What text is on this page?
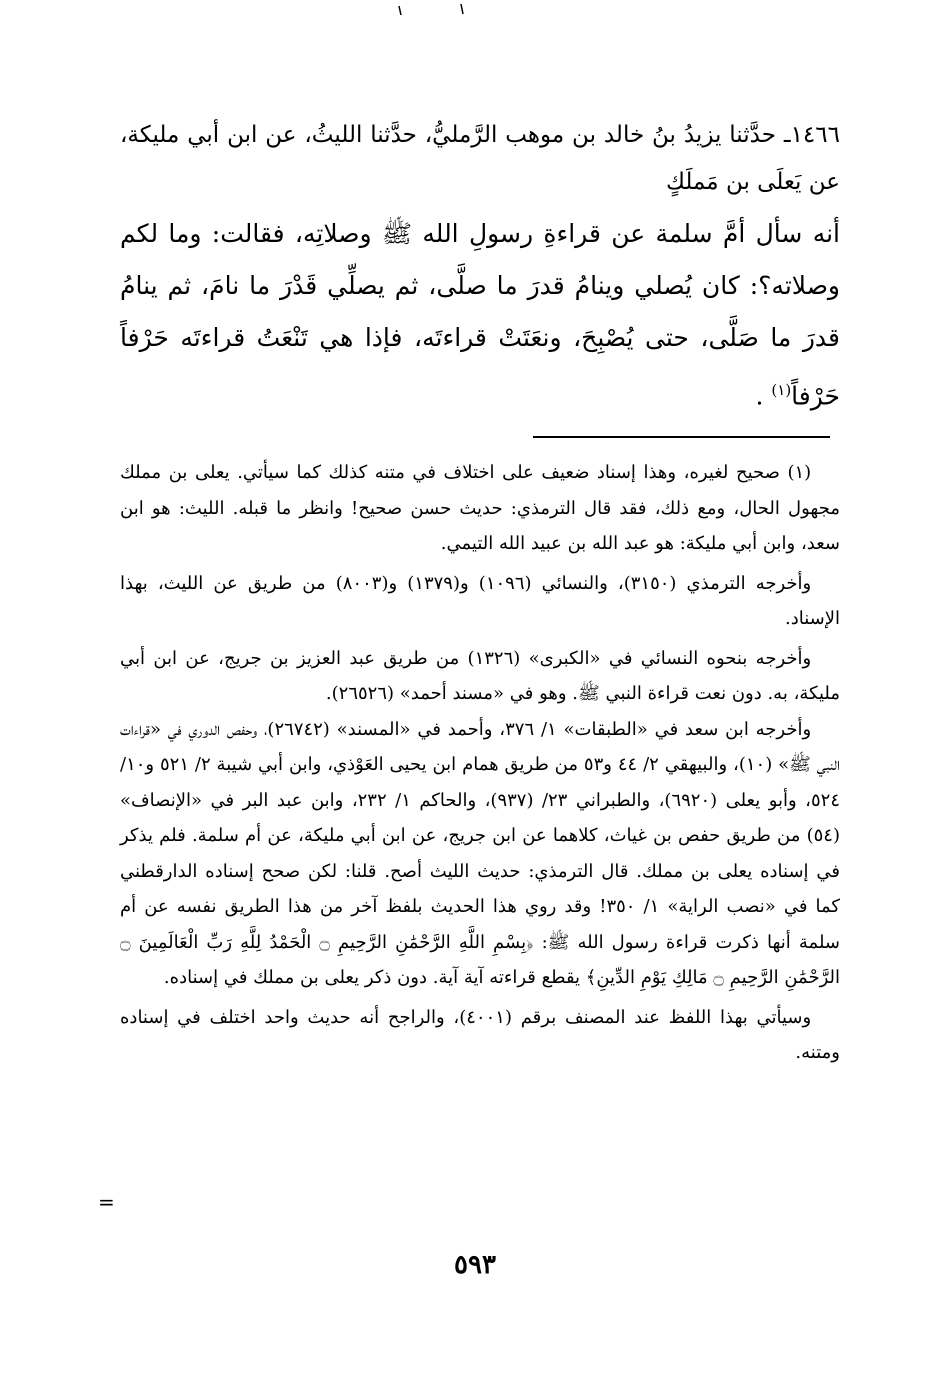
١٤٦٦ـ حدَّثنا يزيدُ بنُ خالد بن موهب الرَّمليُّ، حدَّثنا الليثُ، عن ابن أبي مليكة، عن يَعلَى بن مَملَكٍ
أنه سأل أمَّ سلمة عن قراءةِ رسولِ الله ﷺ وصلاتِه، فقالت: وما لكم وصلاته؟: كان يُصلي وينامُ قدرَ ما صلَّى، ثم يصلِّي قَدْرَ ما نامَ، ثم ينامُ قدرَ ما صَلَّى، حتى يُصْبِحَ، ونعَتَتْ قراءتَه، فإذا هي تَنْعَتُ قراءتَه حَرْفاً حَرْفاً$^{(١)}$ .

(١) صحيح لغيره، وهذا إسناد ضعيف على اختلاف في متنه كذلك كما سيأتي. يعلى بن مملك مجهول الحال، ومع ذلك، فقد قال الترمذي: حديث حسن صحيح! وانظر ما قبله. الليث: هو ابن سعد، وابن أبي مليكة: هو عبد الله بن عبيد الله التيمي.

وأخرجه الترمذي (٣١٥٠)، والنسائي (١٠٩٦) و(١٣٧٩) و(٨٠٠٣) من طريق عن الليث، بهذا الإسناد.

وأخرجه بنحوه النسائي في «الكبرى» (١٣٢٦) من طريق عبد العزيز بن جريج، عن ابن أبي مليكة، به. دون نعت قراءة النبي ﷺ. وهو في «مسند أحمد» (٢٦٥٢٦).

وأخرجه ابن سعد في «الطبقات» ١/ ٣٧٦، وأحمد في «المسند» (٢٦٧٤٢)، وحفص الدوري في «قراءات النبي ﷺ» (١٠)، والبيهقي ٢/ ٤٤ و٥٣ من طريق همام ابن يحيى العَوْذي، وابن أبي شيبة ٢/ ٥٢١ و١٠/ ٥٢٤، وأبو يعلى (٦٩٢٠)، والطبراني ٢٣/ (٩٣٧)، والحاكم ١/ ٢٣٢، وابن عبد البر في «الإنصاف» (٥٤) من طريق حفص بن غياث، كلاهما عن ابن جريج، عن ابن أبي مليكة، عن أم سلمة. فلم يذكر في إسناده يعلى بن مملك. قال الترمذي: حديث الليث أصح. قلنا: لكن صحح إسناده الدارقطني كما في «نصب الراية» ١/ ٣٥٠! وقد روي هذا الحديث بلفظ آخر من هذا الطريق نفسه عن أم سلمة أنها ذكرت قراءة رسول الله ﷺ: ﴿بِسْمِ اللَّهِ الرَّحْمَٰنِ الرَّحِيمِ ۝ الْحَمْدُ لِلَّهِ رَبِّ الْعَالَمِينَ ۝ الرَّحْمَٰنِ الرَّحِيمِ ۝ مَالِكِ يَوْمِ الدِّينِ﴾ يقطع قراءته آية آية. دون ذكر يعلى بن مملك في إسناده.

وسيأتي بهذا اللفظ عند المصنف برقم (٤٠٠١)، والراجح أنه حديث واحد اختلف في إسناده ومتنه.

=
٥٩٣
